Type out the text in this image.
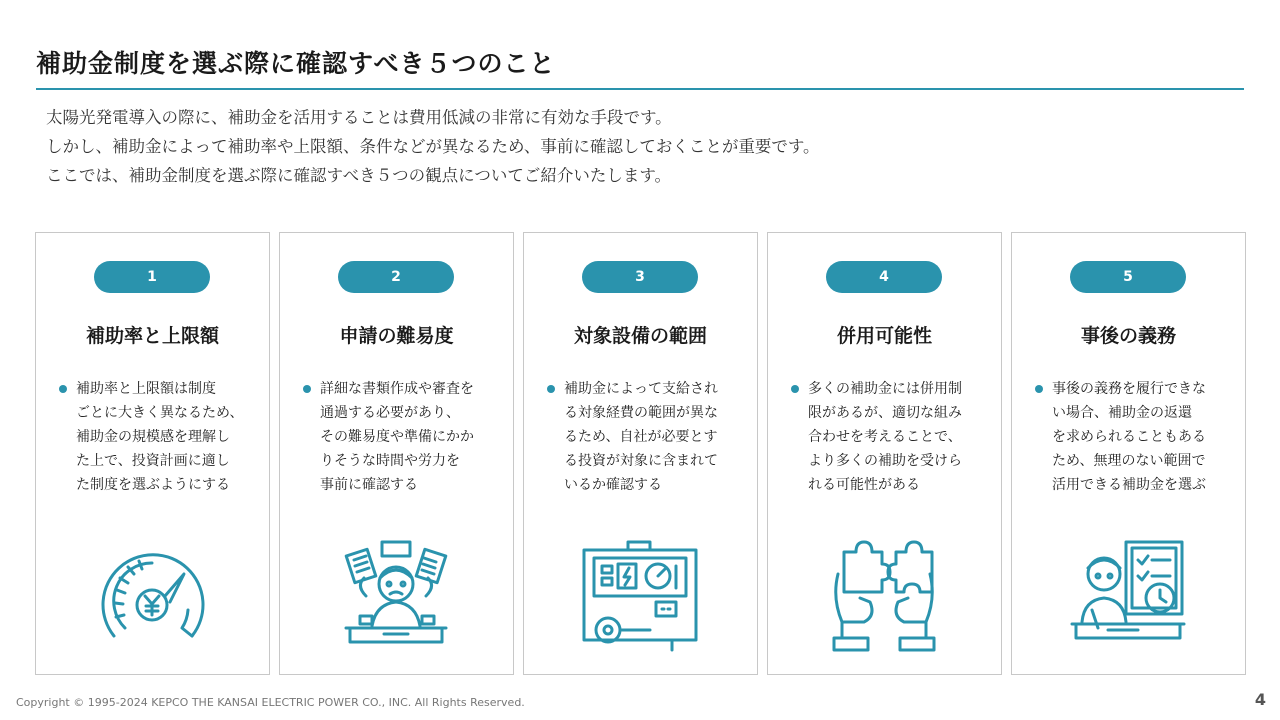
補助金制度を選ぶ際に確認すべき５つのこと
太陽光発電導入の際に、補助金を活用することは費用低減の非常に有効な手段です。
しかし、補助金によって補助率や上限額、条件などが異なるため、事前に確認しておくことが重要です。
ここでは、補助金制度を選ぶ際に確認すべき５つの観点についてご紹介いたします。
1
補助率と上限額
補助率と上限額は制度
ごとに大きく異なるため、
補助金の規模感を理解し
た上で、投資計画に適し
た制度を選ぶようにする
2
申請の難易度
詳細な書類作成や審査を
通過する必要があり、
その難易度や準備にかか
りそうな時間や労力を
事前に確認する
3
対象設備の範囲
補助金によって支給され
る対象経費の範囲が異な
るため、自社が必要とす
る投資が対象に含まれて
いるか確認する
4
併用可能性
多くの補助金には併用制
限があるが、適切な組み
合わせを考えることで、
より多くの補助を受けら
れる可能性がある
5
事後の義務
事後の義務を履行できな
い場合、補助金の返還
を求められることもある
ため、無理のない範囲で
活用できる補助金を選ぶ
Copyright © 1995-2024 KEPCO THE KANSAI ELECTRIC POWER CO., INC. All Rights Reserved.	4
